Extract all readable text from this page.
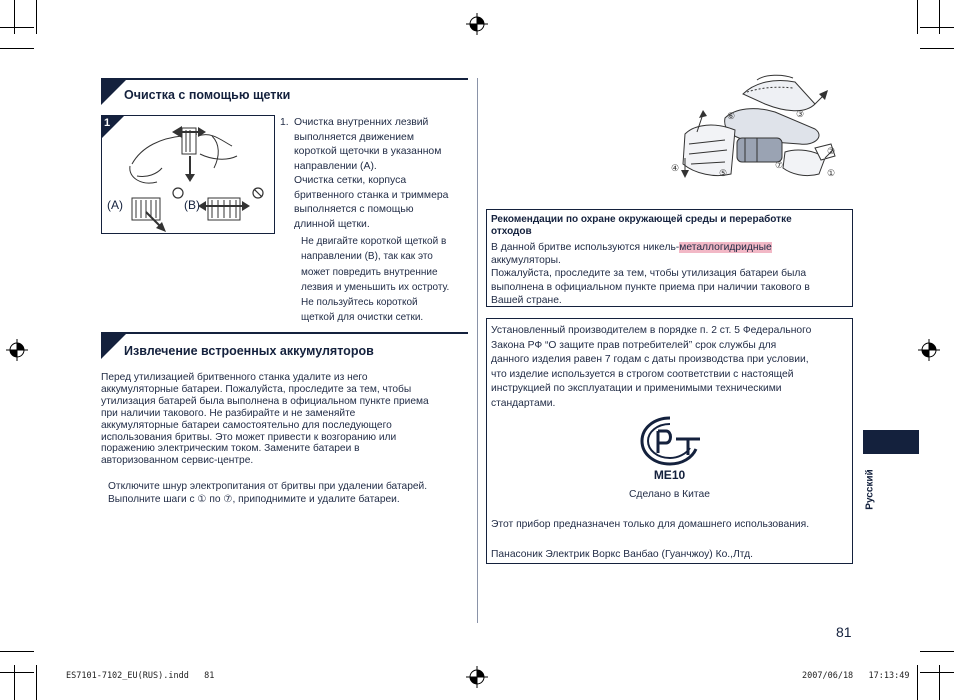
Очистка с помощью щетки
1
(A)	(B)
1. Очистка внутренних лезвий

выполняется движением

короткой щеточки в указанном

направлении (A).

Очистка сетки, корпуса

бритвенного станка и триммера

выполняется с помощью

длинной щетки.

Не двигайте короткой щеткой в

направлении (B), так как это

может повредить внутренние

лезвия и уменьшить их остроту.

Не пользуйтесь короткой

щеткой для очистки сетки.

Извлечение встроенных аккумуляторов

Перед утилизацией бритвенного станка удалите из него

аккумуляторные батареи. Пожалуйста, проследите за тем, чтобы

утилизация батарей была выполнена в официальном пункте приема

при наличии такового. Не разбирайте и не заменяйте

аккумуляторные батареи самостоятельно для последующего

использования бритвы. Это может привести к возгоранию или

поражению электрическим током. Замените батареи в

авторизованном сервис-центре.

Отключите шнур электропитания от бритвы при удалении батарей.

Выполните шаги с ① по ⑦, приподнимите и удалите батареи.

①
②
③
④	⑤
⑥
⑦

Рекомендации по охране окружающей среды и переработке

отходов

В данной бритве используются никель-металлогидридные

аккумуляторы.

Пожалуйста, проследите за тем, чтобы утилизация батареи была

выполнена в официальном пункте приема при наличии такового в

Вашей стране.

Установленный производителем в порядке п. 2 ст. 5 Федерального

Закона РФ “О защите прав потребителей” срок службы для

данного изделия равен 7 годам с даты производства при условии,

что изделие используется в строгом соответствии с настоящей

инструкцией по эксплуатации и применимыми техническими

стандартами.

ME10
Сделано в Китае
Этот прибор предназначен только для домашнего использования.
Панасоник Электрик Воркс Ванбао (Гуанчжоу) Ко.,Лтд.
Русский
81
ES7101-7102_EU(RUS).indd   81	2007/06/18   17:13:49
